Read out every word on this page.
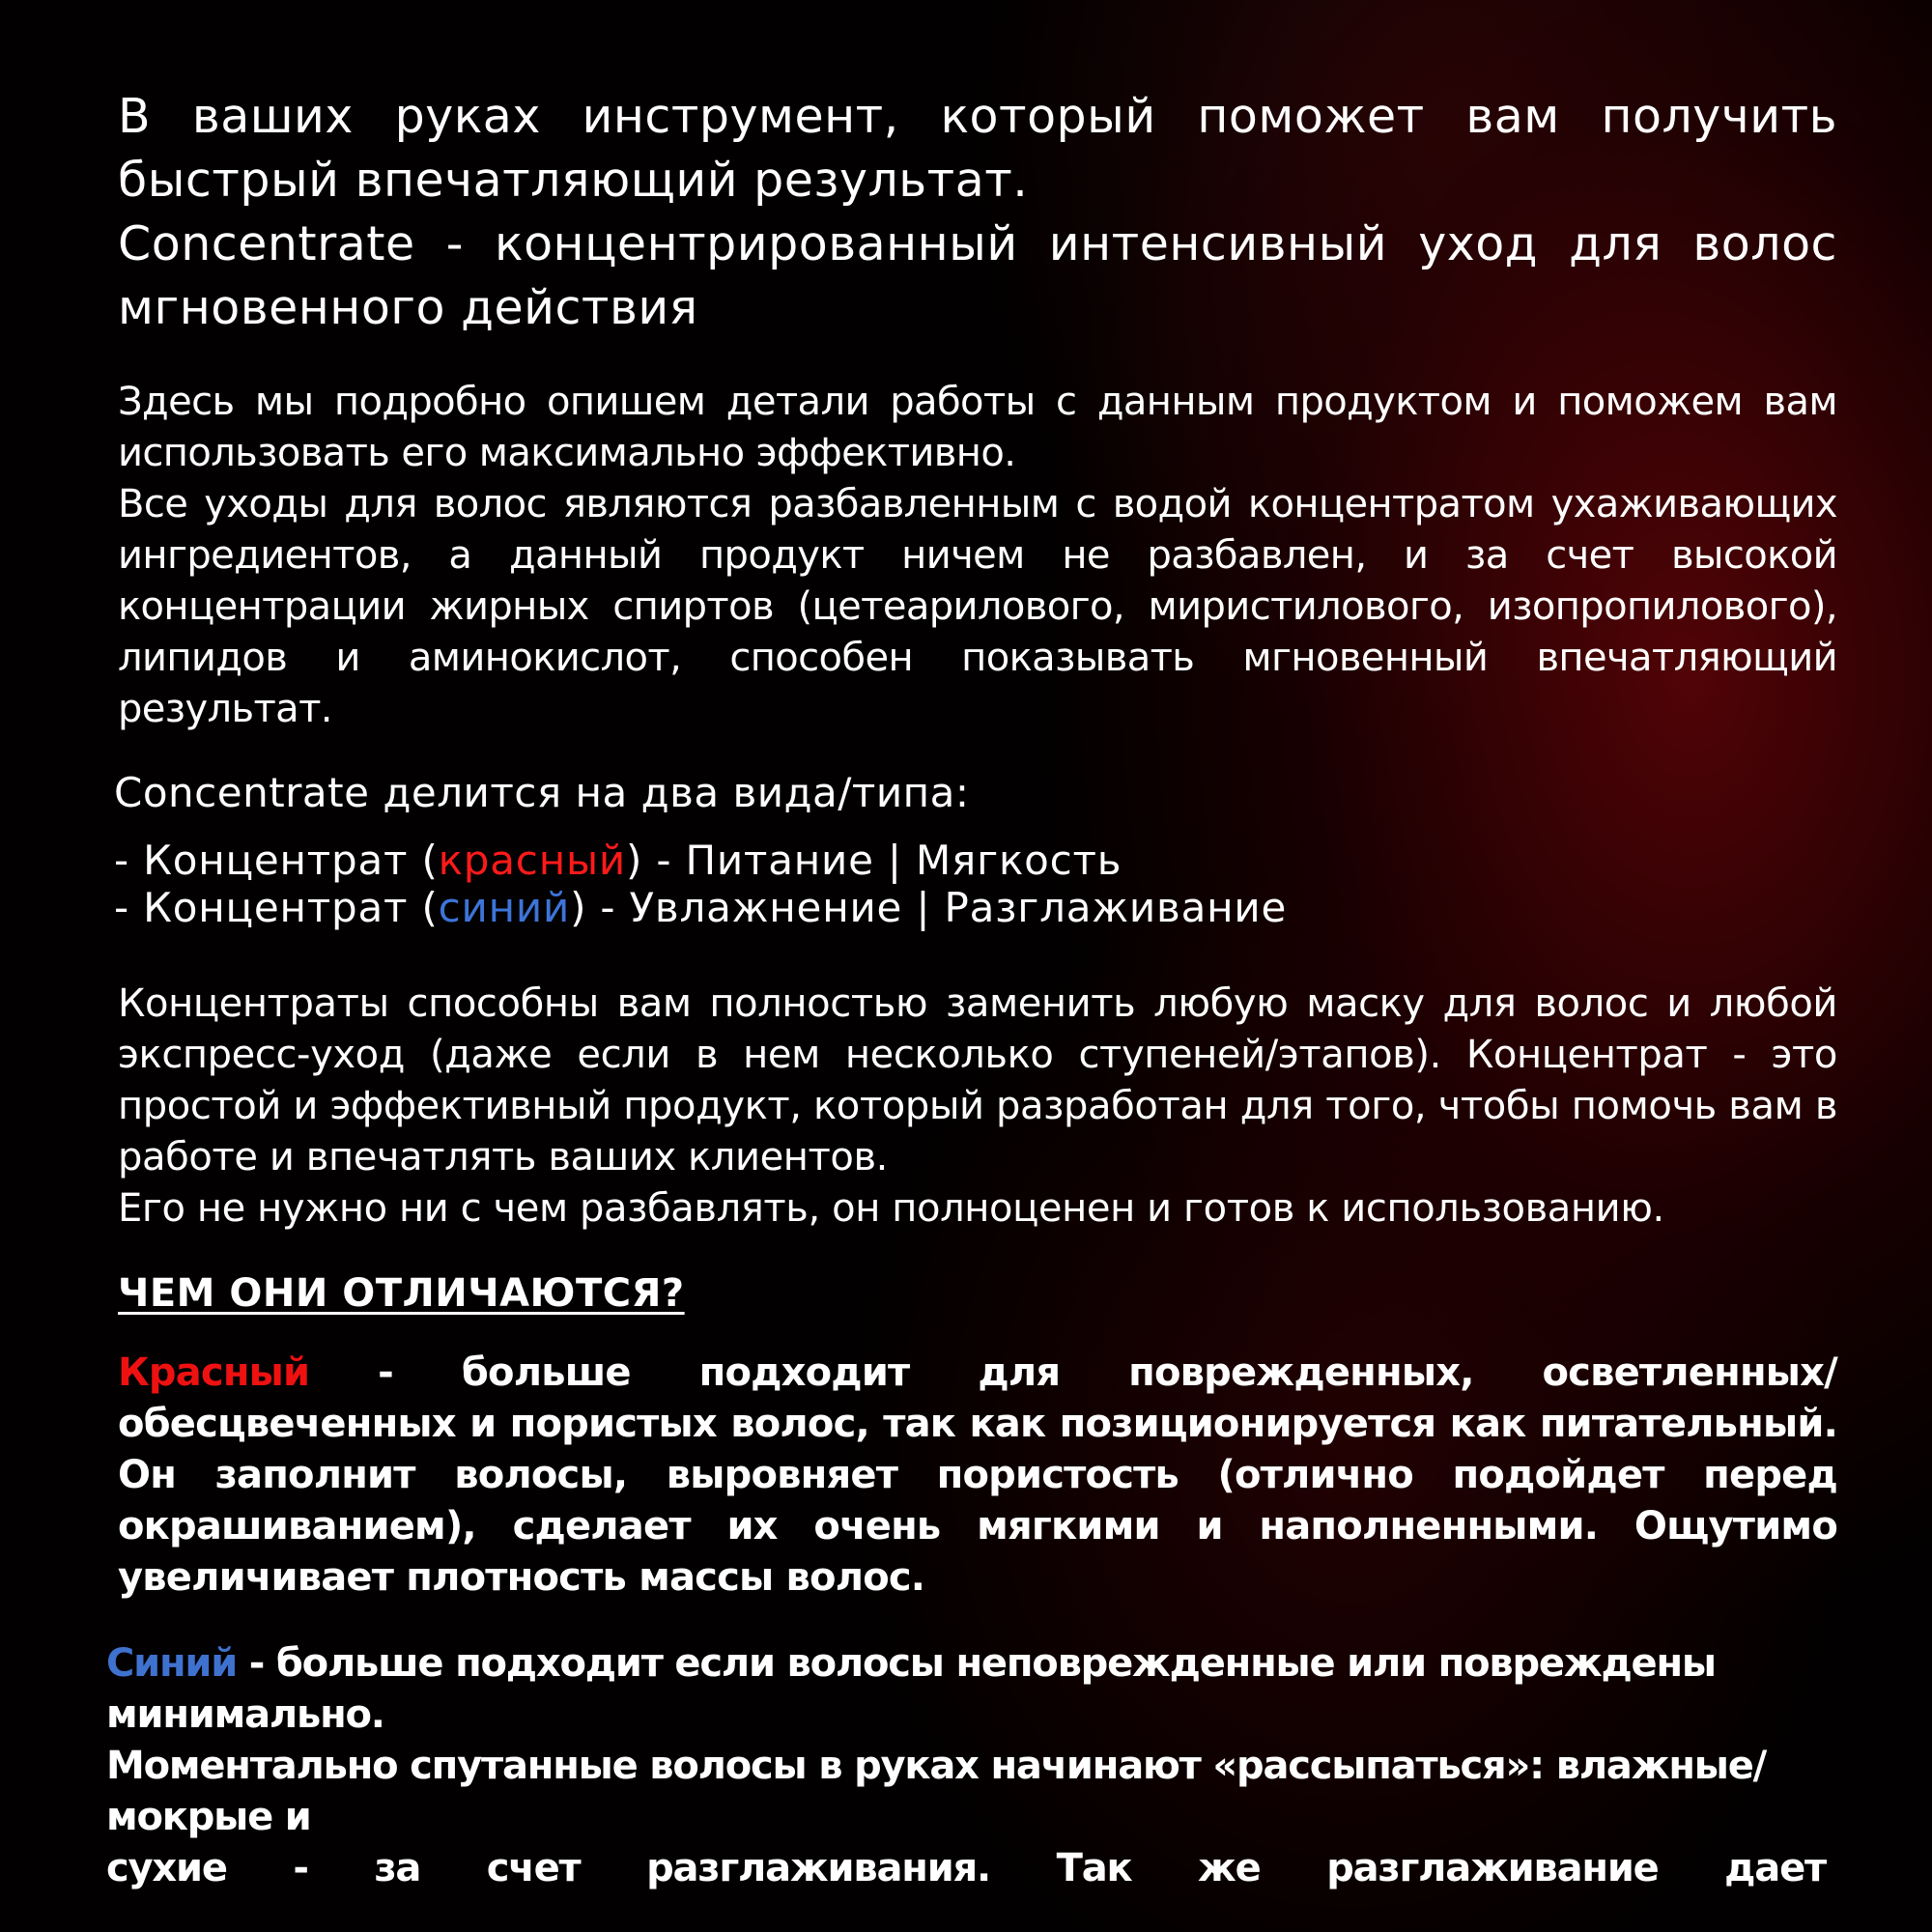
В ваших руках инструмент, который поможет вам получить быстрый впечатляющий результат.
Concentrate - концентрированный интенсивный уход для волос мгновенного действия
Здесь мы подробно опишем детали работы с данным продуктом и поможем вам использовать его максимально эффективно.
Все уходы для волос являются разбавленным с водой концентратом ухаживающих ингредиентов, а данный продукт ничем не разбавлен, и за счет высокой концентрации жирных спиртов (цетеарилового, миристилового, изопропилового), липидов и аминокислот, способен показывать мгновенный впечатляющий результат.
Concentrate делится на два вида/типа:
- Концентрат (красный) - Питание | Мягкость
- Концентрат (синий) - Увлажнение | Разглаживание
Концентраты способны вам полностью заменить любую маску для волос и любой экспресс-уход (даже если в нем несколько ступеней/этапов). Концентрат - это простой и эффективный продукт, который разработан для того, чтобы помочь вам в работе и впечатлять ваших клиентов.
Его не нужно ни с чем разбавлять, он полноценен и готов к использованию.
ЧЕМ ОНИ ОТЛИЧАЮТСЯ?
Красный - больше подходит для поврежденных, осветленных/обесцвеченных и пористых волос, так как позиционируется как питательный. Он заполнит волосы, выровняет пористость (отлично подойдет перед окрашиванием), сделает их очень мягкими и наполненными. Ощутимо увеличивает плотность массы волос.
Синий - больше подходит если волосы неповрежденные или повреждены минимально.
Моментально спутанные волосы в руках начинают «рассыпаться»: влажные/мокрые и
сухие - за счет разглаживания. Так же разглаживание дает
